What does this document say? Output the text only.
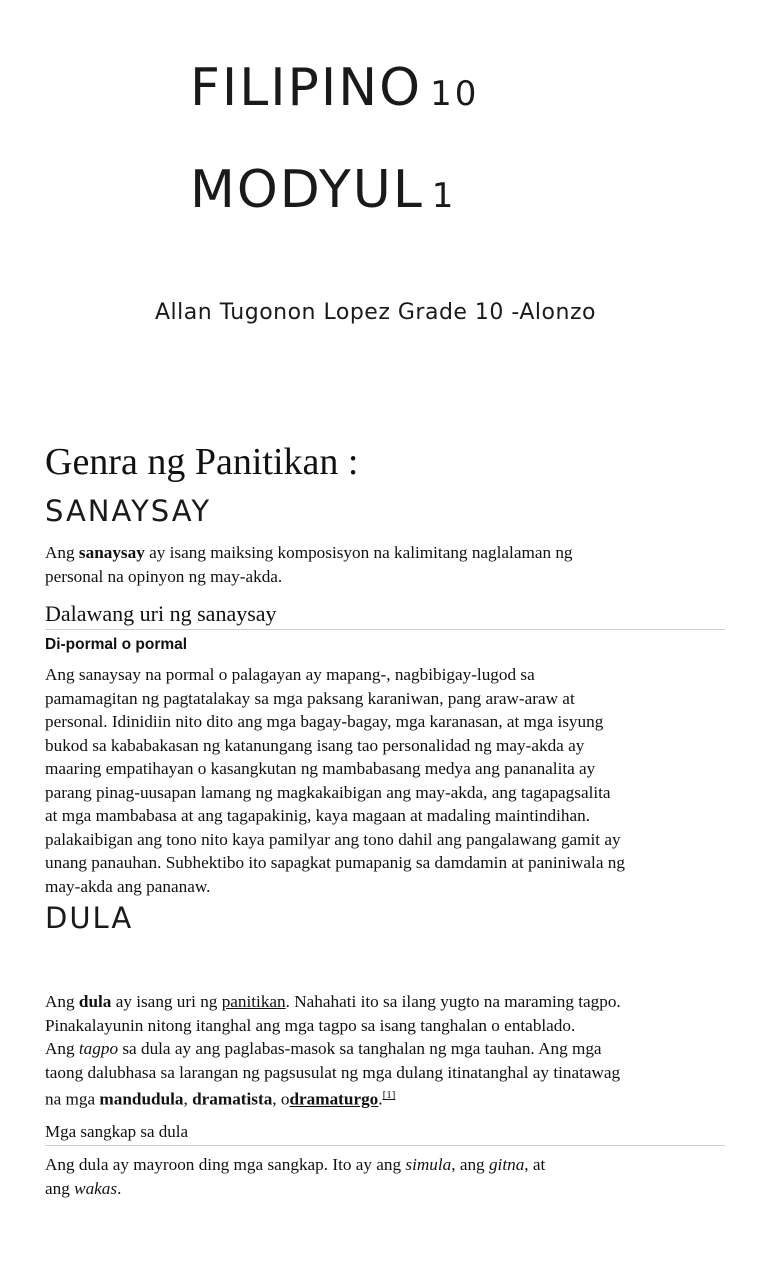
FILIPINO 10
MODYUL 1
Allan Tugonon Lopez Grade 10 -Alonzo
Genra ng Panitikan :
SANAYSAY

Ang sanaysay ay isang maiksing komposisyon na kalimitang naglalaman ng
personal na opinyon ng may-akda.

Dalawang uri ng sanaysay
Di-pormal o pormal

Ang sanaysay na pormal o palagayan ay mapang-, nagbibigay-lugod sa
pamamagitan ng pagtatalakay sa mga paksang karaniwan, pang araw-araw at
personal. Idinidiin nito dito ang mga bagay-bagay, mga karanasan, at mga isyung
bukod sa kababakasan ng katanungang isang tao personalidad ng may-akda ay
maaring empatihayan o kasangkutan ng mambabasang medya ang pananalita ay
parang pinag-uusapan lamang ng magkakaibigan ang may-akda, ang tagapagsalita
at mga mambabasa at ang tagapakinig, kaya magaan at madaling maintindihan.
palakaibigan ang tono nito kaya pamilyar ang tono dahil ang pangalawang gamit ay
unang panauhan. Subhektibo ito sapagkat pumapanig sa damdamin at paniniwala ng
may-akda ang pananaw.

DULA

Ang dula ay isang uri ng panitikan. Nahahati ito sa ilang yugto na maraming tagpo.
Pinakalayunin nitong itanghal ang mga tagpo sa isang tanghalan o entablado.
Ang tagpo sa dula ay ang paglabas-masok sa tanghalan ng mga tauhan. Ang mga
taong dalubhasa sa larangan ng pagsusulat ng mga dulang itinatanghal ay tinatawag
na mga mandudula, dramatista, odramaturgo.[1]

Mga sangkap sa dula

Ang dula ay mayroon ding mga sangkap. Ito ay ang simula, ang gitna, at
ang wakas.
